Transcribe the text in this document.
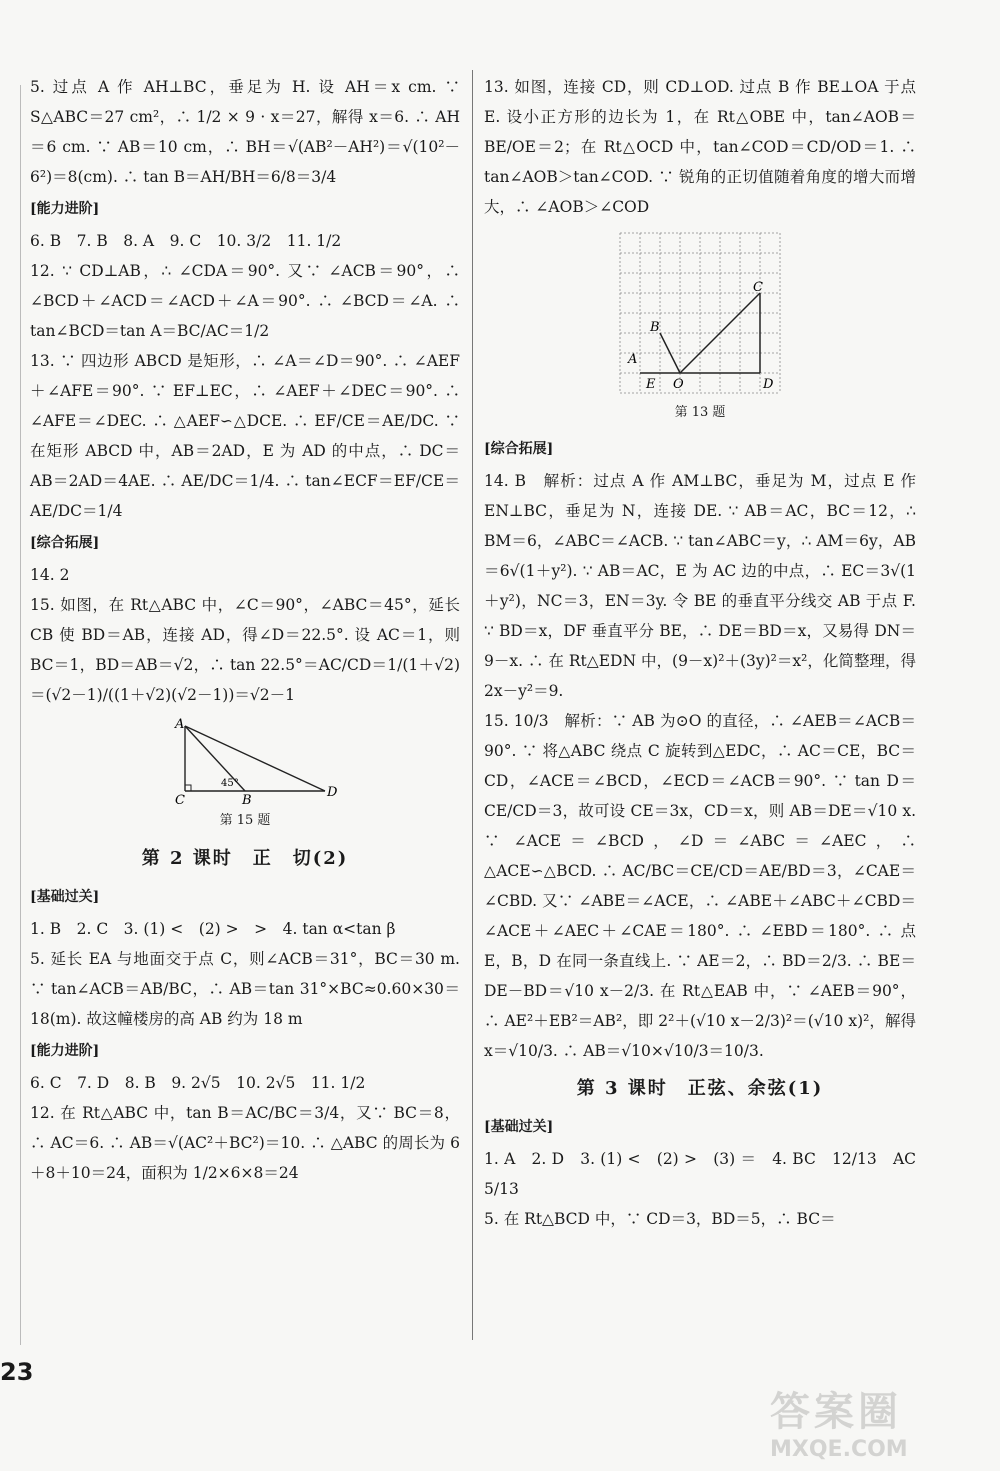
5. 过点 A 作 AH⊥BC，垂足为 H. 设 AH＝x cm. ∵ S△ABC＝27 cm²，∴ 1/2 × 9 · x＝27，解得 x＝6. ∴ AH＝6 cm. ∵ AB＝10 cm，∴ BH＝√(AB²－AH²)＝√(10²－6²)＝8(cm). ∴ tan B＝AH/BH＝6/8＝3/4

[能力进阶]

6. B　7. B　8. A　9. C　10. 3/2　11. 1/2

12. ∵ CD⊥AB，∴ ∠CDA＝90°. 又∵ ∠ACB＝90°，∴ ∠BCD＋∠ACD＝∠ACD＋∠A＝90°. ∴ ∠BCD＝∠A. ∴ tan∠BCD＝tan A＝BC/AC＝1/2

13. ∵ 四边形 ABCD 是矩形，∴ ∠A＝∠D＝90°. ∴ ∠AEF＋∠AFE＝90°. ∵ EF⊥EC，∴ ∠AEF＋∠DEC＝90°. ∴ ∠AFE＝∠DEC. ∴ △AEF∽△DCE. ∴ EF/CE＝AE/DC. ∵ 在矩形 ABCD 中，AB＝2AD，E 为 AD 的中点，∴ DC＝AB＝2AD＝4AE. ∴ AE/DC＝1/4. ∴ tan∠ECF＝EF/CE＝AE/DC＝1/4

[综合拓展]

14. 2

15. 如图，在 Rt△ABC 中，∠C＝90°，∠ABC＝45°，延长 CB 使 BD＝AB，连接 AD，得∠D＝22.5°. 设 AC＝1，则 BC＝1，BD＝AB＝√2，∴ tan 22.5°＝AC/CD＝1/(1＋√2)＝(√2－1)/((1＋√2)(√2－1))＝√2－1

A
C	B
D
45°
第 15 题
第 2 课时　正　切(2)
[基础过关]

1. B　2. C　3. (1) <　(2) >　>　4. tan α<tan β

5. 延长 EA 与地面交于点 C，则∠ACB＝31°，BC＝30 m. ∵ tan∠ACB＝AB/BC，∴ AB＝tan 31°×BC≈0.60×30＝18(m). 故这幢楼房的高 AB 约为 18 m

[能力进阶]

6. C　7. D　8. B　9. 2√5　10. 2√5　11. 1/2

12. 在 Rt△ABC 中，tan B＝AC/BC＝3/4，又∵ BC＝8，∴ AC＝6. ∴ AB＝√(AC²＋BC²)＝10. ∴ △ABC 的周长为 6＋8＋10＝24，面积为 1/2×6×8＝24

13. 如图，连接 CD，则 CD⊥OD. 过点 B 作 BE⊥OA 于点 E. 设小正方形的边长为 1，在 Rt△OBE 中，tan∠AOB＝BE/OE＝2；在 Rt△OCD 中，tan∠COD＝CD/OD＝1. ∴ tan∠AOB＞tan∠COD. ∵ 锐角的正切值随着角度的增大而增大，∴ ∠AOB＞∠COD

A
B
C
D
E O
第 13 题
[综合拓展]

14. B　解析：过点 A 作 AM⊥BC，垂足为 M，过点 E 作 EN⊥BC，垂足为 N，连接 DE. ∵ AB＝AC，BC＝12，∴ BM＝6，∠ABC＝∠ACB. ∵ tan∠ABC＝y，∴ AM＝6y，AB＝6√(1＋y²). ∵ AB＝AC，E 为 AC 边的中点，∴ EC＝3√(1＋y²)，NC＝3，EN＝3y. 令 BE 的垂直平分线交 AB 于点 F. ∵ BD＝x，DF 垂直平分 BE，∴ DE＝BD＝x，又易得 DN＝9－x. ∴ 在 Rt△EDN 中，(9－x)²＋(3y)²＝x²，化简整理，得 2x－y²＝9.

15. 10/3　解析：∵ AB 为⊙O 的直径，∴ ∠AEB＝∠ACB＝90°. ∵ 将△ABC 绕点 C 旋转到△EDC，∴ AC＝CE，BC＝CD，∠ACE＝∠BCD，∠ECD＝∠ACB＝90°. ∵ tan D＝CE/CD＝3，故可设 CE＝3x，CD＝x，则 AB＝DE＝√10 x. ∵ ∠ACE＝∠BCD，∠D＝∠ABC＝∠AEC，∴ △ACE∽△BCD. ∴ AC/BC＝CE/CD＝AE/BD＝3，∠CAE＝∠CBD. 又∵ ∠ABE＝∠ACE，∴ ∠ABE＋∠ABC＋∠CBD＝∠ACE＋∠AEC＋∠CAE＝180°. ∴ ∠EBD＝180°. ∴ 点 E，B，D 在同一条直线上. ∵ AE＝2，∴ BD＝2/3. ∴ BE＝DE－BD＝√10 x－2/3. 在 Rt△EAB 中，∵ ∠AEB＝90°，∴ AE²＋EB²＝AB²，即 2²＋(√10 x－2/3)²＝(√10 x)²，解得 x＝√10/3. ∴ AB＝√10×√10/3＝10/3.

第 3 课时　正弦、余弦(1)
[基础过关]

1. A　2. D　3. (1) <　(2) >　(3) ＝　4. BC　12/13　AC　5/13

5. 在 Rt△BCD 中，∵ CD＝3，BD＝5，∴ BC＝

23
答案圈
MXQE.COM
